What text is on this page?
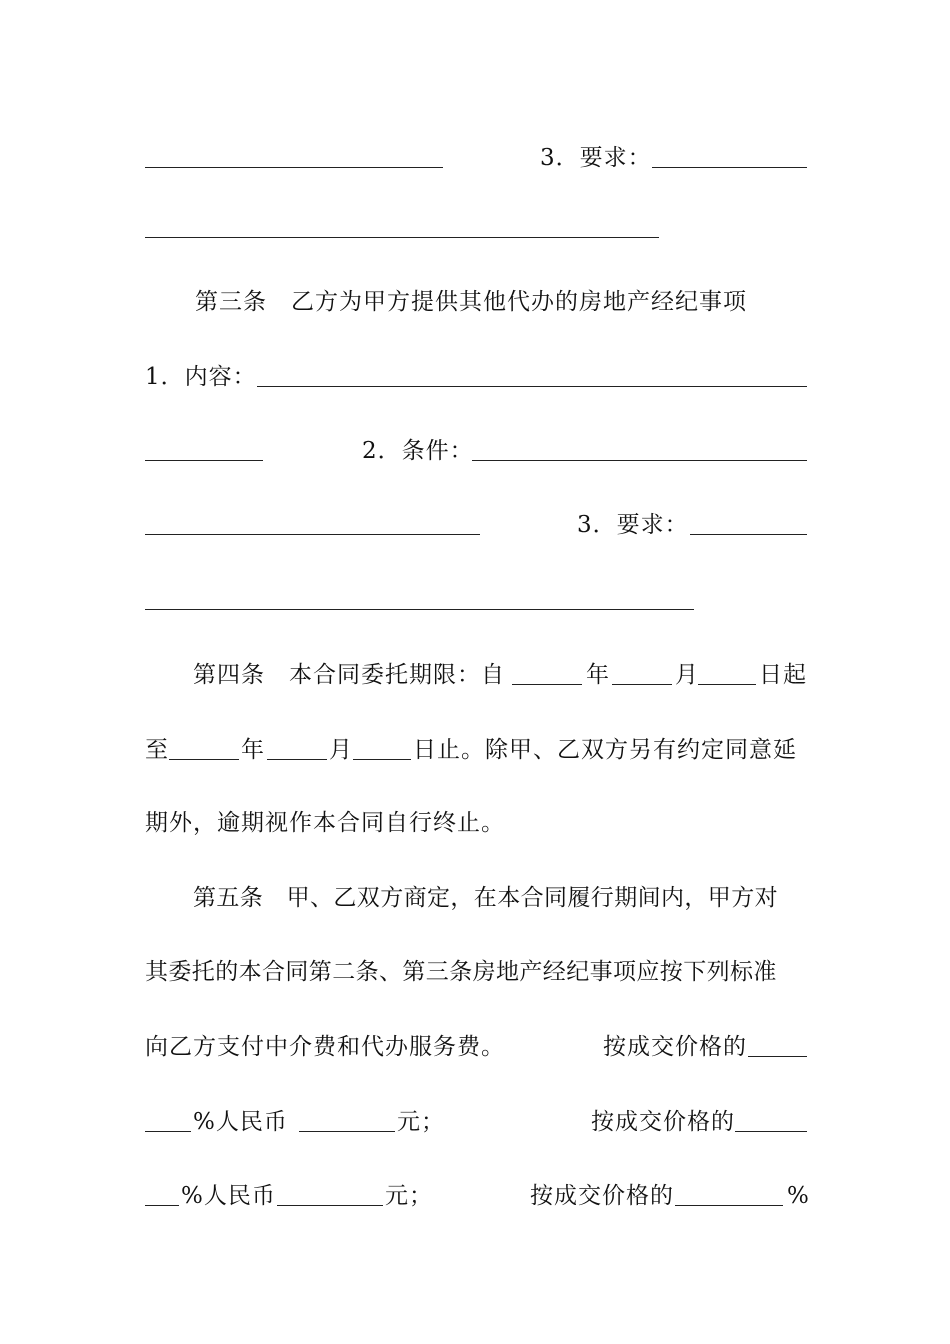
3．要求：
第三条　乙方为甲方提供其他代办的房地产经纪事项
1．内容：
2．条件：
3．要求：
第四条　本合同委托期限：自	年	月	日起
至	年	月	日止。除甲、乙双方另有约定同意延
期外，逾期视作本合同自行终止。
第五条　甲、乙双方商定，在本合同履行期间内，甲方对
其委托的本合同第二条、第三条房地产经纪事项应按下列标准
向乙方支付中介费和代办服务费。	按成交价格的
%人民币	元；	按成交价格的
%人民币	元；	按成交价格的	%
